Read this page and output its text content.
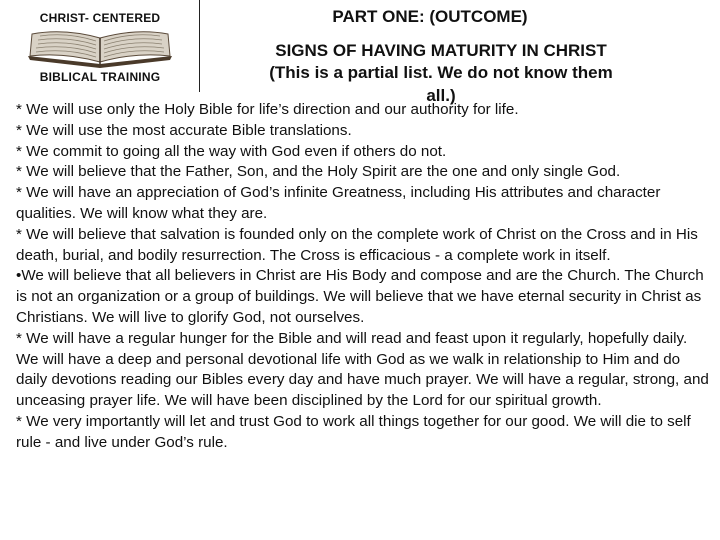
CHRIST- CENTERED
BIBLICAL TRAINING
PART ONE: (OUTCOME)
SIGNS OF HAVING MATURITY IN CHRIST
(This is a partial list. We do not know them
all.)

* We will use only the Holy Bible for life’s direction and our authority for life.

* We will use the most accurate Bible translations.

* We commit to going all the way with God even if others do not.

* We will believe that the Father, Son, and the Holy Spirit are the one and only single God.

* We will have an appreciation of God’s infinite Greatness, including His attributes and character qualities. We will know what they are.

* We will believe that salvation is founded only on the complete work of Christ on the Cross and in His death, burial, and bodily resurrection. The Cross is efficacious - a complete work in itself.

•We will believe that all believers in Christ are His Body and compose and are the Church. The Church is not an organization or a group of buildings. We will believe that we have eternal security in Christ as Christians. We will live to glorify God, not ourselves.

* We will have a regular hunger for the Bible and will read and feast upon it regularly, hopefully daily. We will have a deep and personal devotional life with God as we walk in relationship to Him and do daily devotions reading our Bibles every day and have much prayer. We will have a regular, strong, and unceasing prayer life. We will have been disciplined by the Lord for our spiritual growth.

* We very importantly will let and trust God to work all things together for our good. We will die to self rule - and live under God’s rule.
